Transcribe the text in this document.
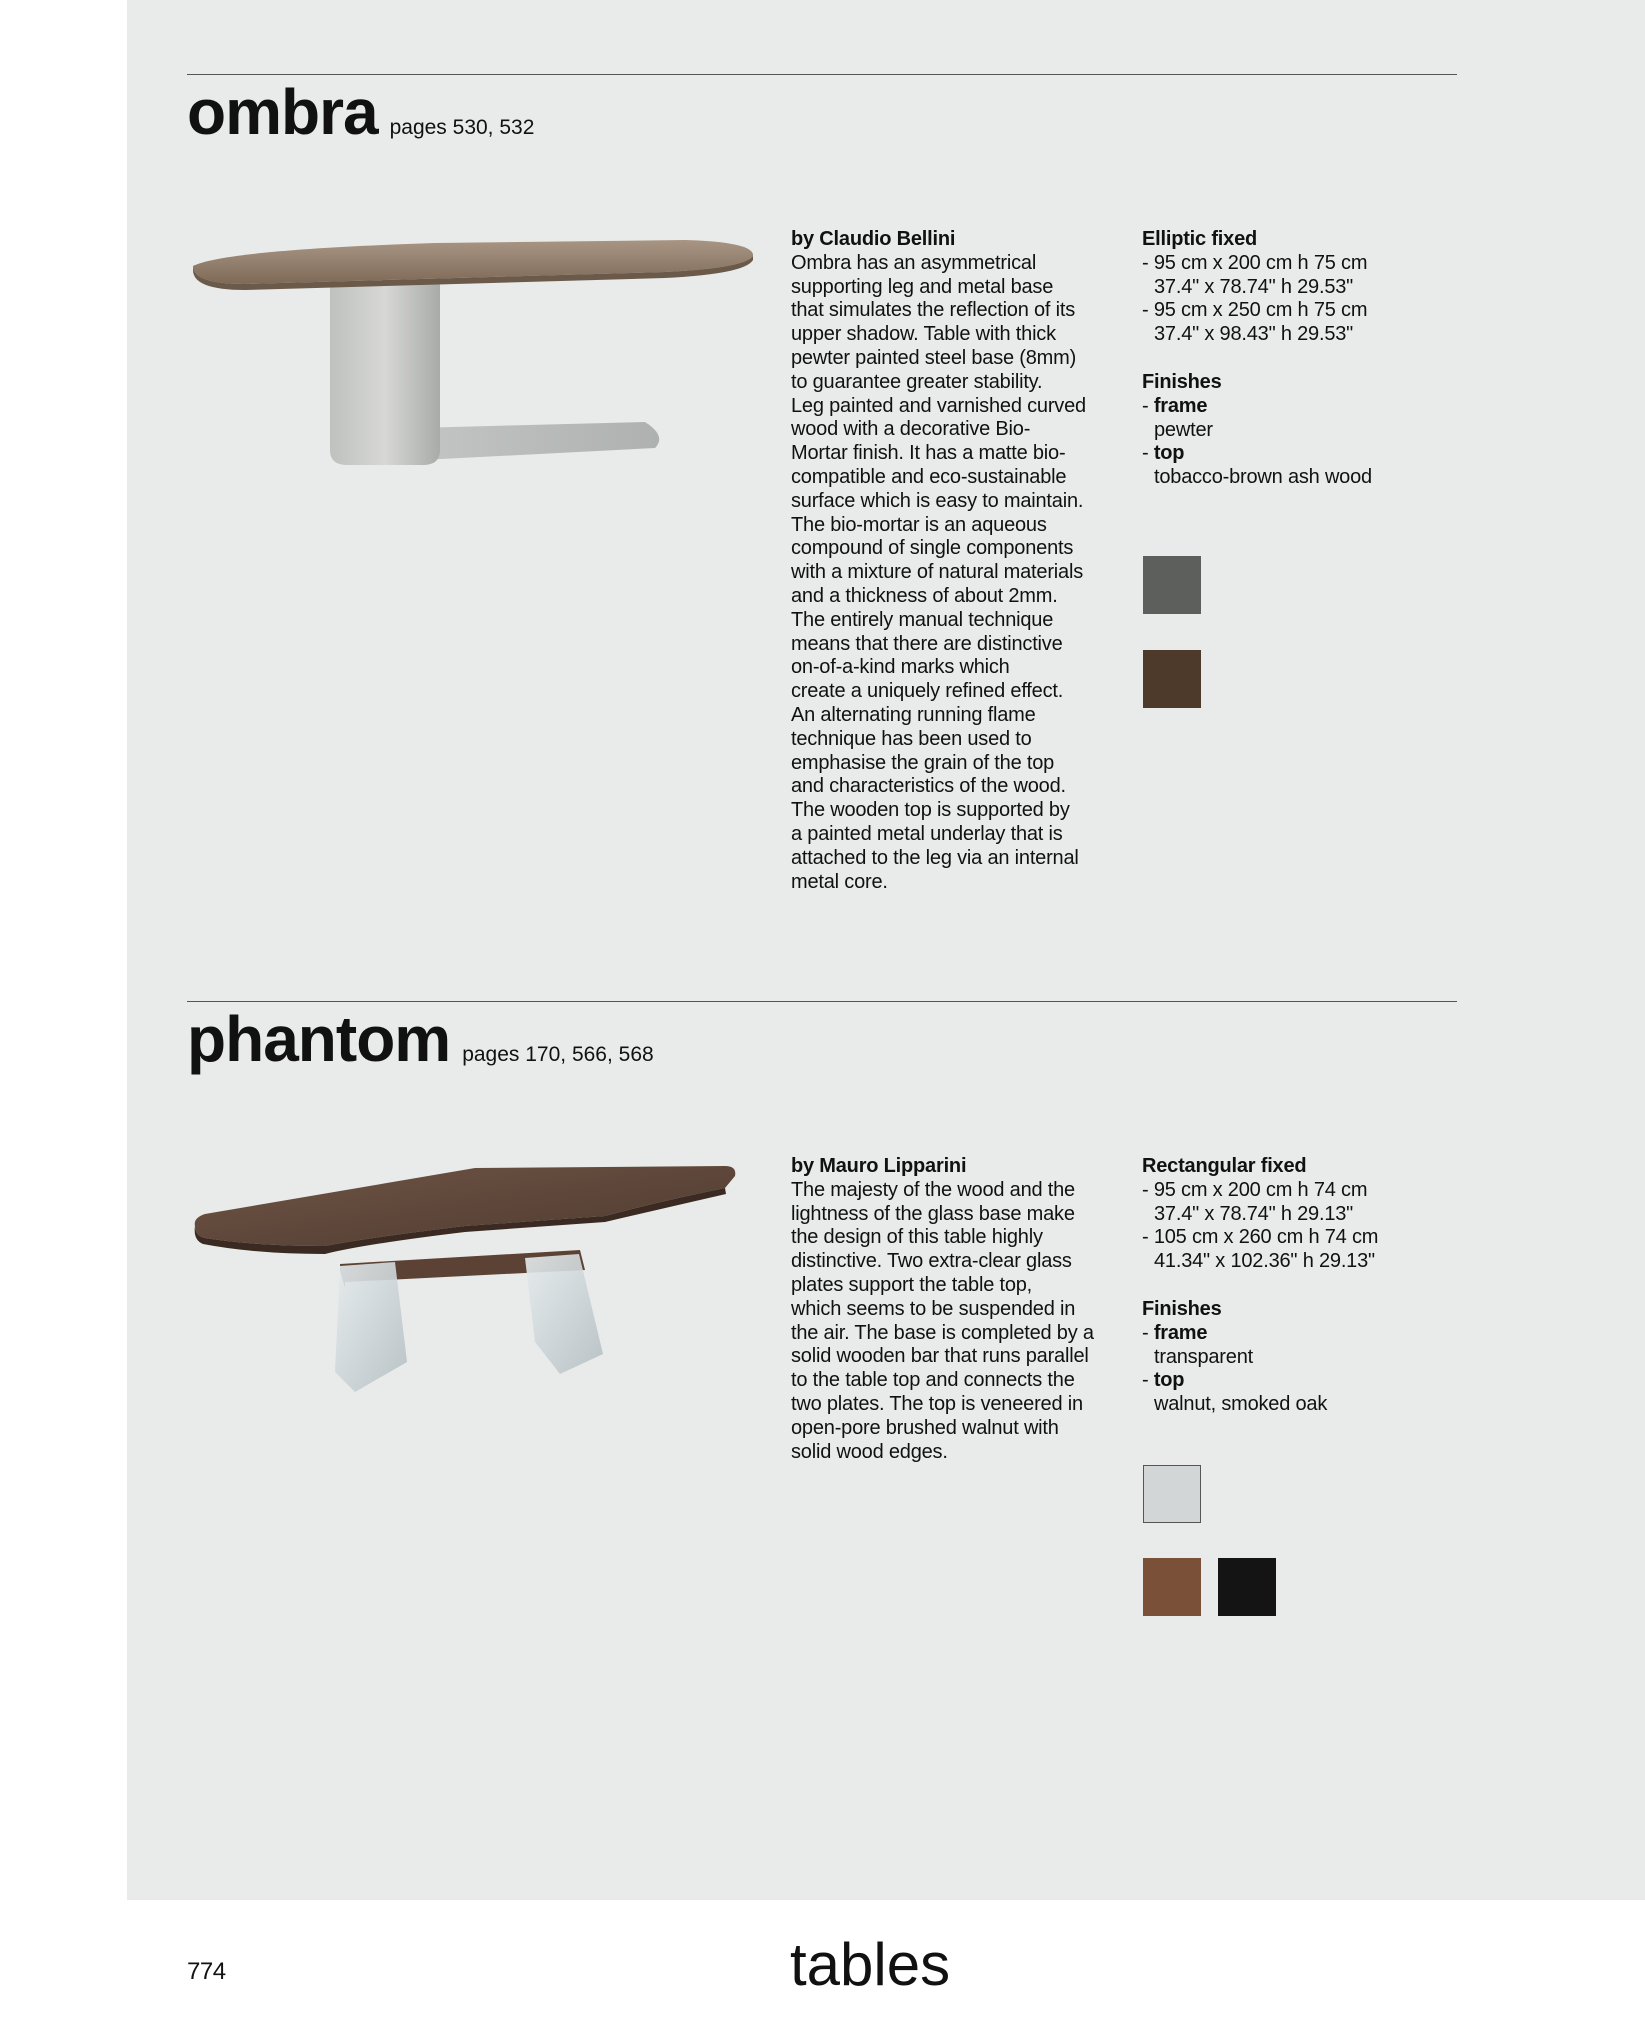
ombra pages 530, 532
by Claudio Bellini
Ombra has an asymmetrical
supporting leg and metal base
that simulates the reflection of its
upper shadow. Table with thick
pewter painted steel base (8mm)
to guarantee greater stability.
Leg painted and varnished curved
wood with a decorative Bio-
Mortar finish. It has a matte bio-
compatible and eco-sustainable
surface which is easy to maintain.
The bio-mortar is an aqueous
compound of single components
with a mixture of natural materials
and a thickness of about 2mm.
The entirely manual technique
means that there are distinctive
on-of-a-kind marks which
create a uniquely refined effect.
An alternating running flame
technique has been used to
emphasise the grain of the top
and characteristics of the wood.
The wooden top is supported by
a painted metal underlay that is
attached to the leg via an internal
metal core.
Elliptic fixed
- 95 cm x 200 cm h 75 cm
37.4" x 78.74" h 29.53"
- 95 cm x 250 cm h 75 cm
37.4" x 98.43" h 29.53"
Finishes
- frame
pewter
- top
tobacco-brown ash wood
phantom pages 170, 566, 568
by Mauro Lipparini
The majesty of the wood and the
lightness of the glass base make
the design of this table highly
distinctive. Two extra-clear glass
plates support the table top,
which seems to be suspended in
the air. The base is completed by a
solid wooden bar that runs parallel
to the table top and connects the
two plates. The top is veneered in
open-pore brushed walnut with
solid wood edges.
Rectangular fixed
- 95 cm x 200 cm h 74 cm
37.4" x 78.74" h 29.13"
- 105 cm x 260 cm h 74 cm
41.34" x 102.36" h 29.13"
Finishes
- frame
transparent
- top
walnut, smoked oak
774	tables
